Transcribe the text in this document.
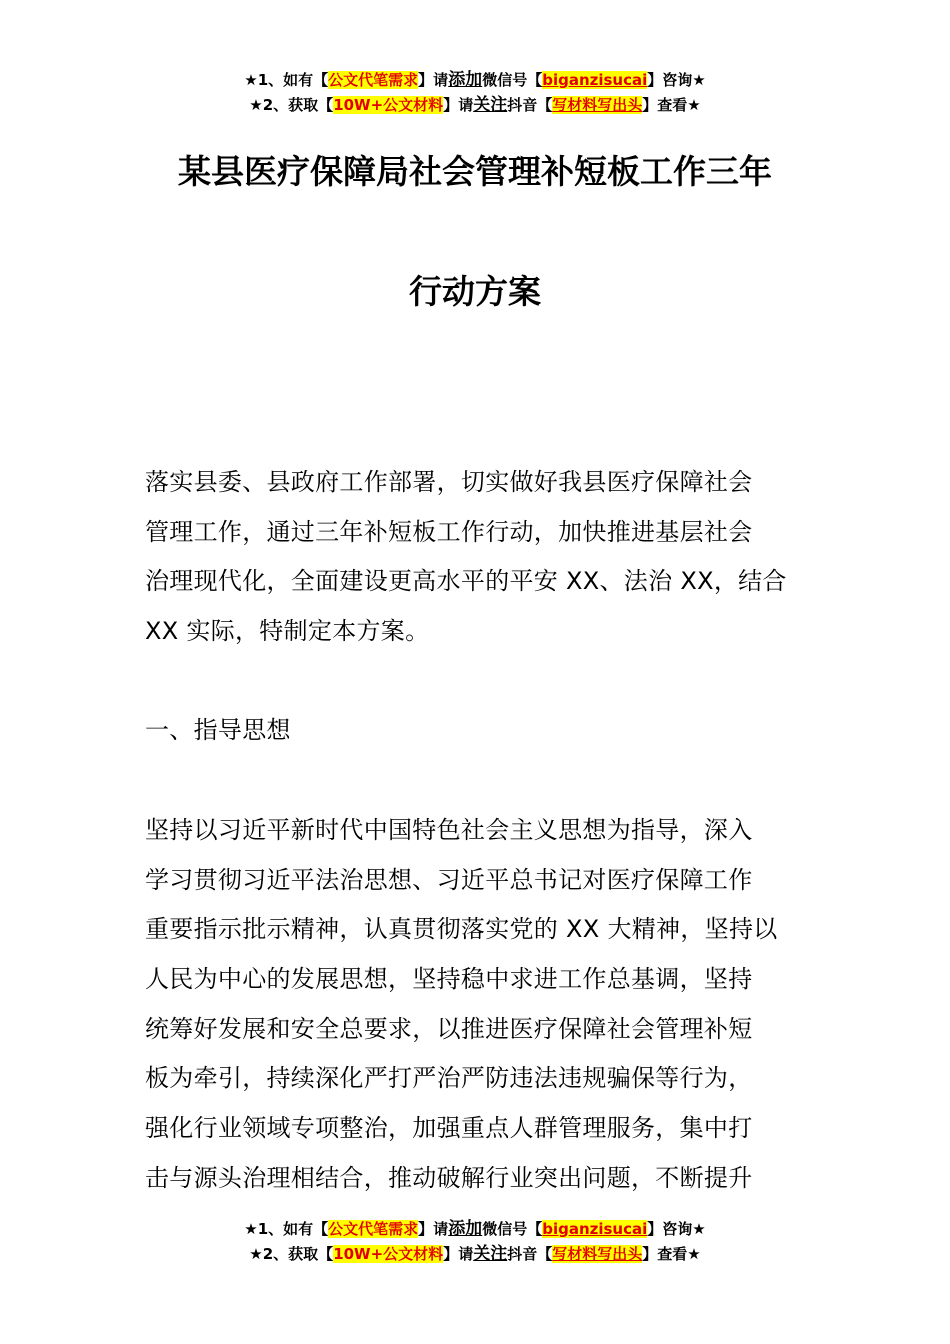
★1、如有【公文代笔需求】请添加微信号【biganzisucai】咨询★
★2、获取【10W+公文材料】请关注抖音【写材料写出头】查看★
某县医疗保障局社会管理补短板工作三年
行动方案
落实县委、县政府工作部署，切实做好我县医疗保障社会
管理工作，通过三年补短板工作行动，加快推进基层社会
治理现代化，全面建设更高水平的平安 XX、法治 XX，结合
XX 实际，特制定本方案。
一、指导思想
坚持以习近平新时代中国特色社会主义思想为指导，深入
学习贯彻习近平法治思想、习近平总书记对医疗保障工作
重要指示批示精神，认真贯彻落实党的 XX 大精神，坚持以
人民为中心的发展思想，坚持稳中求进工作总基调，坚持
统筹好发展和安全总要求，以推进医疗保障社会管理补短
板为牵引，持续深化严打严治严防违法违规骗保等行为，
强化行业领域专项整治，加强重点人群管理服务，集中打
击与源头治理相结合，推动破解行业突出问题，不断提升
★1、如有【公文代笔需求】请添加微信号【biganzisucai】咨询★
★2、获取【10W+公文材料】请关注抖音【写材料写出头】查看★
